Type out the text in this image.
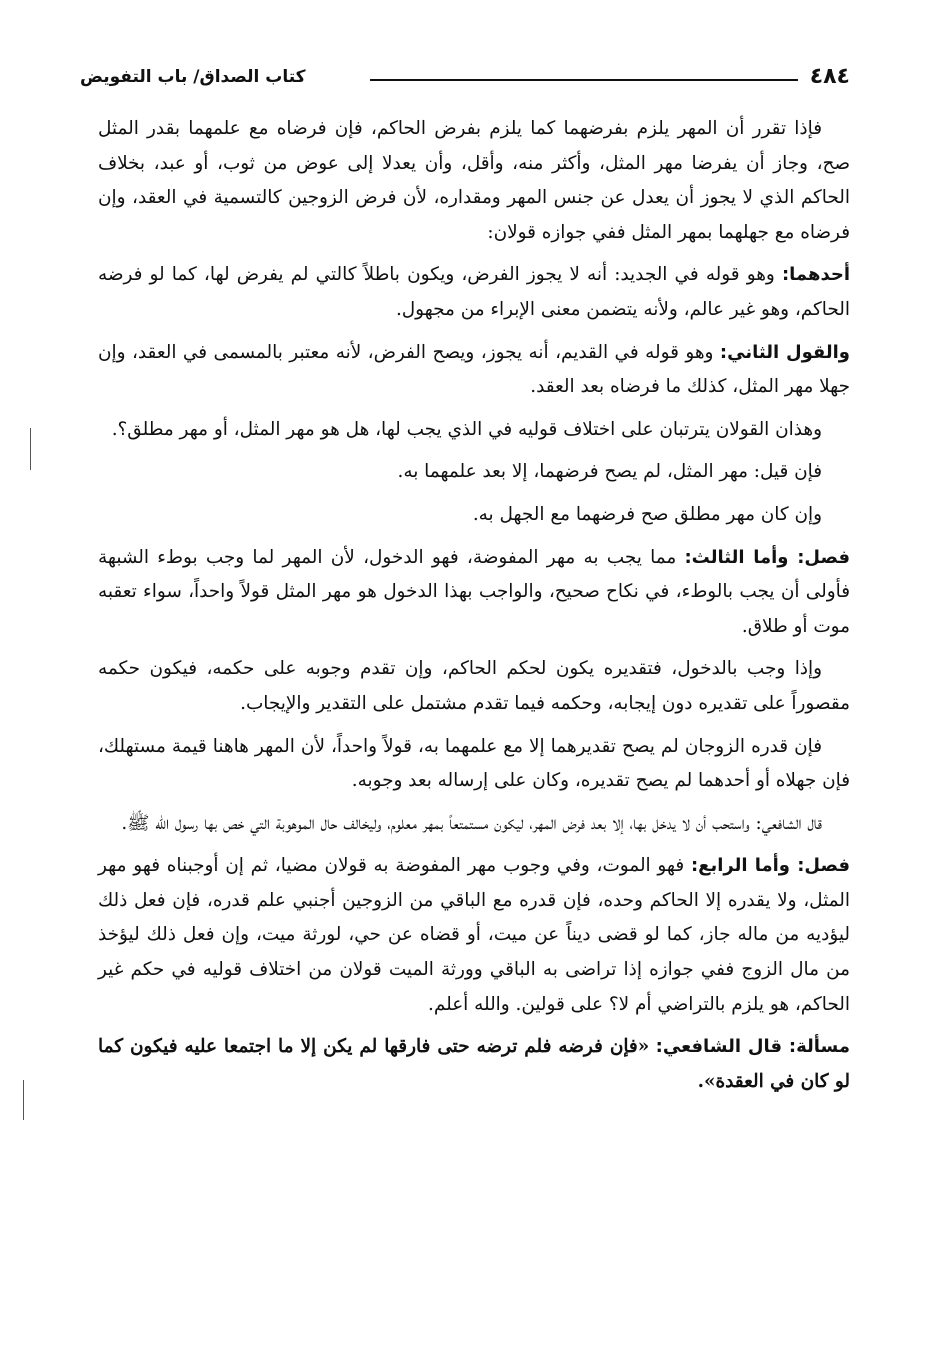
٤٨٤
كتاب الصداق/ باب التفويض

فإذا تقرر أن المهر يلزم بفرضهما كما يلزم بفرض الحاكم، فإن فرضاه مع علمهما بقدر المثل صح، وجاز أن يفرضا مهر المثل، وأكثر منه، وأقل، وأن يعدلا إلى عوض من ثوب، أو عبد، بخلاف الحاكم الذي لا يجوز أن يعدل عن جنس المهر ومقداره، لأن فرض الزوجين كالتسمية في العقد، وإن فرضاه مع جهلهما بمهر المثل ففي جوازه قولان:

أحدهما: وهو قوله في الجديد: أنه لا يجوز الفرض، ويكون باطلاً كالتي لم يفرض لها، كما لو فرضه الحاكم، وهو غير عالم، ولأنه يتضمن معنى الإبراء من مجهول.

والقول الثاني: وهو قوله في القديم، أنه يجوز، ويصح الفرض، لأنه معتبر بالمسمى في العقد، وإن جهلا مهر المثل، كذلك ما فرضاه بعد العقد.

وهذان القولان يترتبان على اختلاف قوليه في الذي يجب لها، هل هو مهر المثل، أو مهر مطلق؟.

فإن قيل: مهر المثل، لم يصح فرضهما، إلا بعد علمهما به.

وإن كان مهر مطلق صح فرضهما مع الجهل به.

فصل: وأما الثالث: مما يجب به مهر المفوضة، فهو الدخول، لأن المهر لما وجب بوطء الشبهة فأولى أن يجب بالوطء، في نكاح صحيح، والواجب بهذا الدخول هو مهر المثل قولاً واحداً، سواء تعقبه موت أو طلاق.

وإذا وجب بالدخول، فتقديره يكون لحكم الحاكم، وإن تقدم وجوبه على حكمه، فيكون حكمه مقصوراً على تقديره دون إيجابه، وحكمه فيما تقدم مشتمل على التقدير والإيجاب.

فإن قدره الزوجان لم يصح تقديرهما إلا مع علمهما به، قولاً واحداً، لأن المهر هاهنا قيمة مستهلك، فإن جهلاه أو أحدهما لم يصح تقديره، وكان على إرساله بعد وجوبه.

قال الشافعي: واستحب أن لا يدخل بها، إلا بعد فرض المهر، ليكون مستمتعاً بمهر معلوم، وليخالف حال الموهوبة التي خص بها رسول الله ﷺ.

فصل: وأما الرابع: فهو الموت، وفي وجوب مهر المفوضة به قولان مضيا، ثم إن أوجبناه فهو مهر المثل، ولا يقدره إلا الحاكم وحده، فإن قدره مع الباقي من الزوجين أجنبي علم قدره، فإن فعل ذلك ليؤديه من ماله جاز، كما لو قضى ديناً عن ميت، أو قضاه عن حي، لورثة ميت، وإن فعل ذلك ليؤخذ من مال الزوج ففي جوازه إذا تراضى به الباقي وورثة الميت قولان من اختلاف قوليه في حكم غير الحاكم، هو يلزم بالتراضي أم لا؟ على قولين. والله أعلم.

مسألة: قال الشافعي: «فإن فرضه فلم ترضه حتى فارقها لم يكن إلا ما اجتمعا عليه فيكون كما لو كان في العقدة».
